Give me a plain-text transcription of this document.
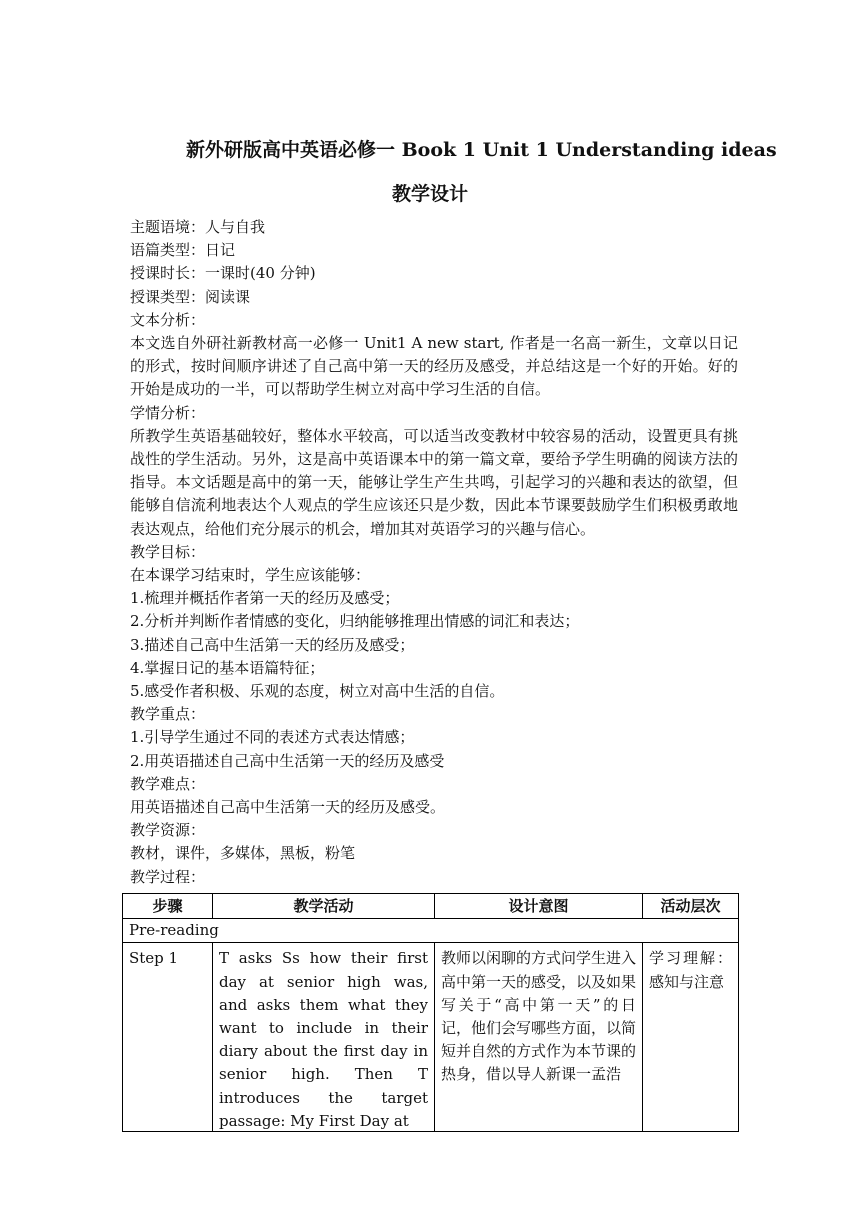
新外研版高中英语必修一 Book 1 Unit 1 Understanding ideas
教学设计

主题语境：人与自我

语篇类型：日记

授课时长：一课时(40 分钟)

授课类型：阅读课

文本分析：

本文选自外研社新教材高一必修一 Unit1 A new start, 作者是一名高一新生，文章以日记的形式，按时间顺序讲述了自己高中第一天的经历及感受，并总结这是一个好的开始。好的开始是成功的一半，可以帮助学生树立对高中学习生活的自信。

学情分析：

所教学生英语基础较好，整体水平较高，可以适当改变教材中较容易的活动，设置更具有挑战性的学生活动。另外，这是高中英语课本中的第一篇文章，要给予学生明确的阅读方法的指导。本文话题是高中的第一天，能够让学生产生共鸣，引起学习的兴趣和表达的欲望，但能够自信流利地表达个人观点的学生应该还只是少数，因此本节课要鼓励学生们积极勇敢地表达观点，给他们充分展示的机会，增加其对英语学习的兴趣与信心。

教学目标：

在本课学习结束时，学生应该能够：

1.梳理并概括作者第一天的经历及感受；

2.分析并判断作者情感的变化，归纳能够推理出情感的词汇和表达；

3.描述自己高中生活第一天的经历及感受；

4.掌握日记的基本语篇特征；

5.感受作者积极、乐观的态度，树立对高中生活的自信。

教学重点：

1.引导学生通过不同的表述方式表达情感；

2.用英语描述自己高中生活第一天的经历及感受

教学难点：

用英语描述自己高中生活第一天的经历及感受。

教学资源：

教材，课件，多媒体，黑板，粉笔

教学过程：

步骤	教学活动	设计意图	活动层次
Pre-reading			
Step 1	T asks Ss how their first day at senior high was, and asks them what they want to include in their diary about the first day in senior high. Then T introduces the target passage: My First Day at	教师以闲聊的方式问学生进入高中第一天的感受，以及如果写关于“高中第一天”的日记，他们会写哪些方面，以简短并自然的方式作为本节课的热身，借以导人新课一孟浩	学习理解：感知与注意
